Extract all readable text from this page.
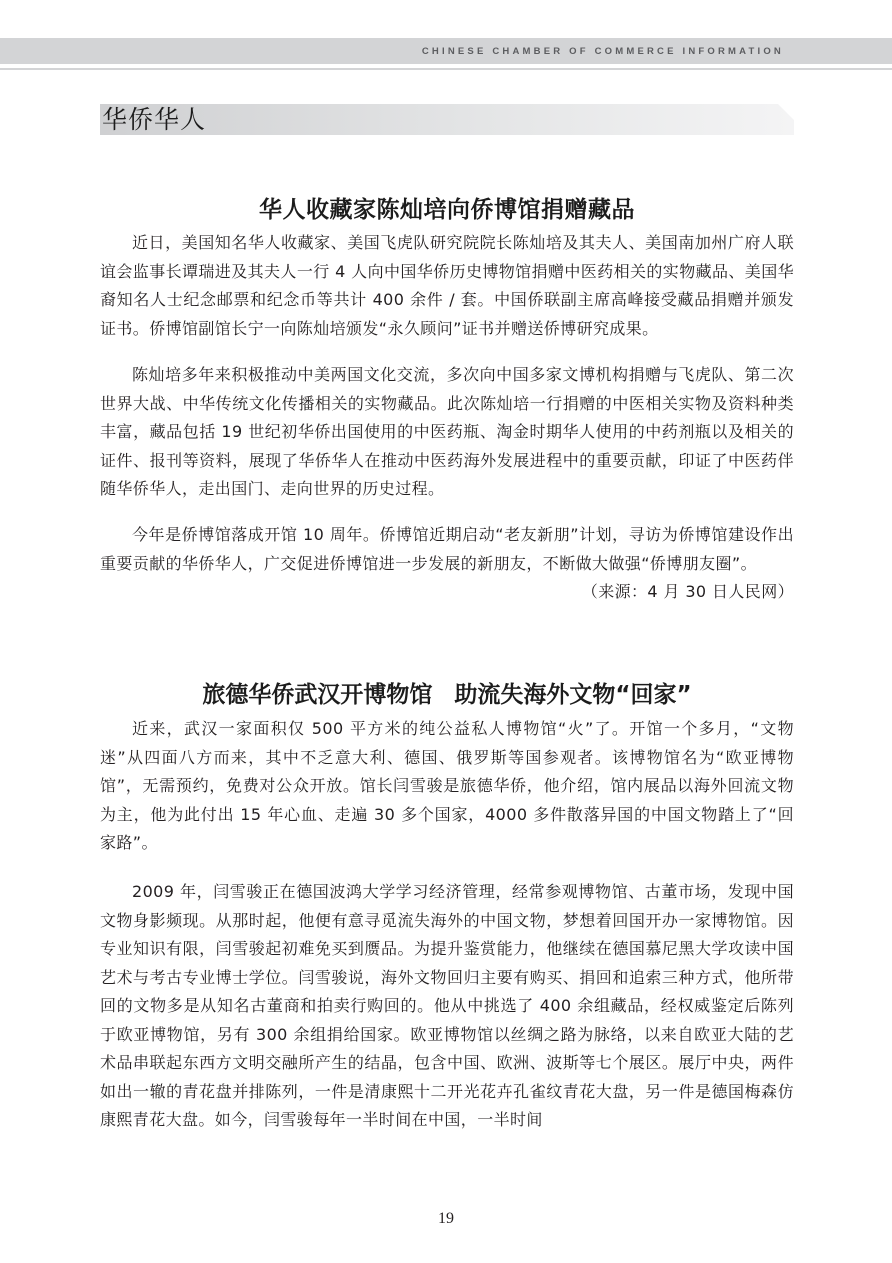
CHINESE CHAMBER OF COMMERCE INFORMATION
华侨华人
华人收藏家陈灿培向侨博馆捐赠藏品

近日，美国知名华人收藏家、美国飞虎队研究院院长陈灿培及其夫人、美国南加州广府人联谊会监事长谭瑞进及其夫人一行 4 人向中国华侨历史博物馆捐赠中医药相关的实物藏品、美国华裔知名人士纪念邮票和纪念币等共计 400 余件 / 套。中国侨联副主席高峰接受藏品捐赠并颁发证书。侨博馆副馆长宁一向陈灿培颁发“永久顾问”证书并赠送侨博研究成果。

陈灿培多年来积极推动中美两国文化交流，多次向中国多家文博机构捐赠与飞虎队、第二次世界大战、中华传统文化传播相关的实物藏品。此次陈灿培一行捐赠的中医相关实物及资料种类丰富，藏品包括 19 世纪初华侨出国使用的中医药瓶、淘金时期华人使用的中药剂瓶以及相关的证件、报刊等资料，展现了华侨华人在推动中医药海外发展进程中的重要贡献，印证了中医药伴随华侨华人，走出国门、走向世界的历史过程。

今年是侨博馆落成开馆 10 周年。侨博馆近期启动“老友新朋”计划，寻访为侨博馆建设作出重要贡献的华侨华人，广交促进侨博馆进一步发展的新朋友，不断做大做强“侨博朋友圈”。
（来源：4 月 30 日人民网）

旅德华侨武汉开博物馆 助流失海外文物“回家”

近来，武汉一家面积仅 500 平方米的纯公益私人博物馆“火”了。开馆一个多月，“文物迷”从四面八方而来，其中不乏意大利、德国、俄罗斯等国参观者。该博物馆名为“欧亚博物馆”，无需预约，免费对公众开放。馆长闫雪骏是旅德华侨，他介绍，馆内展品以海外回流文物为主，他为此付出 15 年心血、走遍 30 多个国家，4000 多件散落异国的中国文物踏上了“回家路”。

2009 年，闫雪骏正在德国波鸿大学学习经济管理，经常参观博物馆、古董市场，发现中国文物身影频现。从那时起，他便有意寻觅流失海外的中国文物，梦想着回国开办一家博物馆。因专业知识有限，闫雪骏起初难免买到赝品。为提升鉴赏能力，他继续在德国慕尼黑大学攻读中国艺术与考古专业博士学位。闫雪骏说，海外文物回归主要有购买、捐回和追索三种方式，他所带回的文物多是从知名古董商和拍卖行购回的。他从中挑选了 400 余组藏品，经权威鉴定后陈列于欧亚博物馆，另有 300 余组捐给国家。欧亚博物馆以丝绸之路为脉络，以来自欧亚大陆的艺术品串联起东西方文明交融所产生的结晶，包含中国、欧洲、波斯等七个展区。展厅中央，两件如出一辙的青花盘并排陈列，一件是清康熙十二开光花卉孔雀纹青花大盘，另一件是德国梅森仿康熙青花大盘。如今，闫雪骏每年一半时间在中国，一半时间

19
